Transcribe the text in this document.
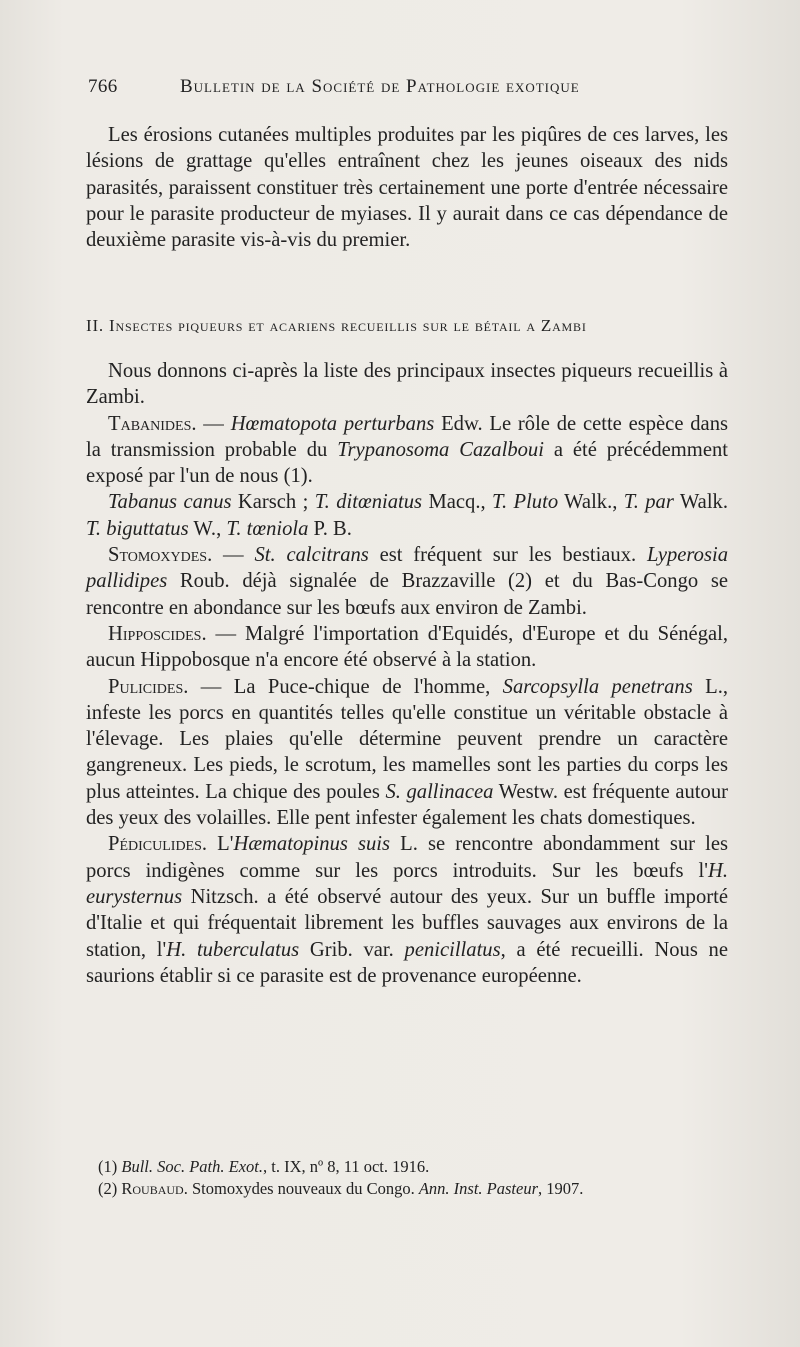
766	Bulletin de la Société de Pathologie exotique

Les érosions cutanées multiples produites par les piqûres de ces larves, les lésions de grattage qu'elles entraînent chez les jeunes oiseaux des nids parasités, paraissent constituer très certainement une porte d'entrée nécessaire pour le parasite producteur de myiases. Il y aurait dans ce cas dépendance de deuxième parasite vis-à-vis du premier.

II. Insectes piqueurs et acariens recueillis sur le bétail a Zambi

Nous donnons ci-après la liste des principaux insectes piqueurs recueillis à Zambi.

Tabanides. — Hœmatopota perturbans Edw. Le rôle de cette espèce dans la transmission probable du Trypanosoma Cazalboui a été précédemment exposé par l'un de nous (1).

Tabanus canus Karsch ; T. ditœniatus Macq., T. Pluto Walk., T. par Walk. T. biguttatus W., T. tœniola P. B.

Stomoxydes. — St. calcitrans est fréquent sur les bestiaux. Lyperosia pallidipes Roub. déjà signalée de Brazzaville (2) et du Bas-Congo se rencontre en abondance sur les bœufs aux environ de Zambi.

Hipposcides. — Malgré l'importation d'Equidés, d'Europe et du Sénégal, aucun Hippobosque n'a encore été observé à la station.

Pulicides. — La Puce-chique de l'homme, Sarcopsylla penetrans L., infeste les porcs en quantités telles qu'elle constitue un véritable obstacle à l'élevage. Les plaies qu'elle détermine peuvent prendre un caractère gangreneux. Les pieds, le scrotum, les mamelles sont les parties du corps les plus atteintes. La chique des poules S. gallinacea Westw. est fréquente autour des yeux des volailles. Elle pent infester également les chats domestiques.

Pédiculides. L'Hæmatopinus suis L. se rencontre abondamment sur les porcs indigènes comme sur les porcs introduits. Sur les bœufs l'H. eurysternus Nitzsch. a été observé autour des yeux. Sur un buffle importé d'Italie et qui fréquentait librement les buffles sauvages aux environs de la station, l'H. tuberculatus Grib. var. penicillatus, a été recueilli. Nous ne saurions établir si ce parasite est de provenance européenne.

(1) Bull. Soc. Path. Exot., t. IX, nº 8, 11 oct. 1916.
(2) Roubaud. Stomoxydes nouveaux du Congo. Ann. Inst. Pasteur, 1907.
